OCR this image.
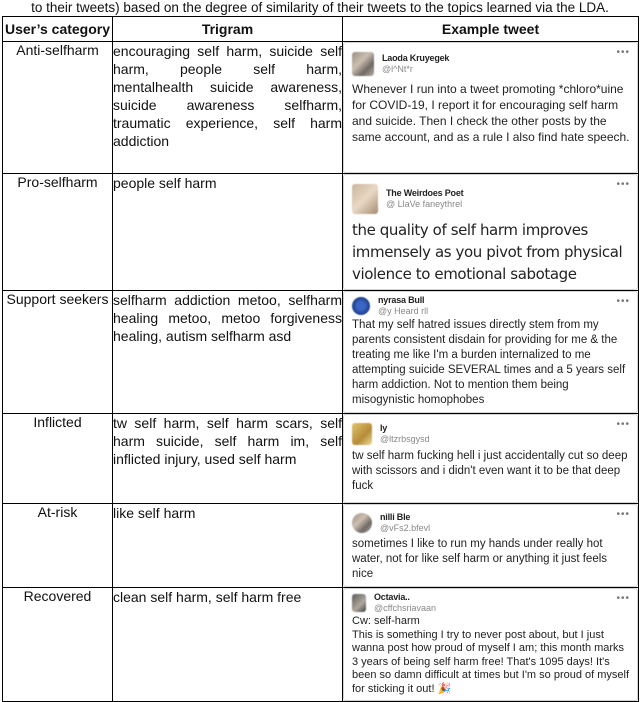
to their tweets) based on the degree of similarity of their tweets to the topics learned via the LDA.
User’s category	Trigram	Example tweet
Anti-selfharm	encouraging self harm, suicide self harm, people self harm, mentalhealth suicide awareness, suicide awareness selfharm, traumatic experience, self harm addiction	Laoda Kruyegek
@l^Nt*r
•••
Whenever I run into a tweet promoting *chloro*uine for COVID-19, I report it for encouraging self harm and suicide. Then I check the other posts by the same account, and as a rule I also find hate speech.

Pro-selfharm	people self harm	The Weirdoes Poet
@ LlaVe faneythrel
•••
the quality of self harm improves immensely as you pivot from physical violence to emotional sabotage

Support seekers	selfharm addiction metoo, selfharm healing metoo, metoo forgiveness healing, autism selfharm asd	nyrasa Bull
@y Heard rll
•••
That my self hatred issues directly stem from my parents consistent disdain for providing for me & the treating me like I'm a burden internalized to me attempting suicide SEVERAL times and a 5 years self harm addiction. Not to mention them being misogynistic homophobes

Inflicted	tw self harm, self harm scars, self harm suicide, self harm im, self inflicted injury, used self harm	ly
@ltzrbsgysd
•••
tw self harm fucking hell i just accidentally cut so deep with scissors and i didn't even want it to be that deep fuck

At-risk	like self harm	nilli Ble
@vFs2.bfevl
•••
sometimes I like to run my hands under really hot water, not for like self harm or anything it just feels nice

Recovered	clean self harm, self harm free	Octavia..
@cffchsriavaan
•••
Cw: self-harm
This is something I try to never post about, but I just wanna post how proud of myself I am; this month marks 3 years of being self harm free! That's 1095 days! It's been so damn difficult at times but I'm so proud of myself for sticking it out! 🎉
